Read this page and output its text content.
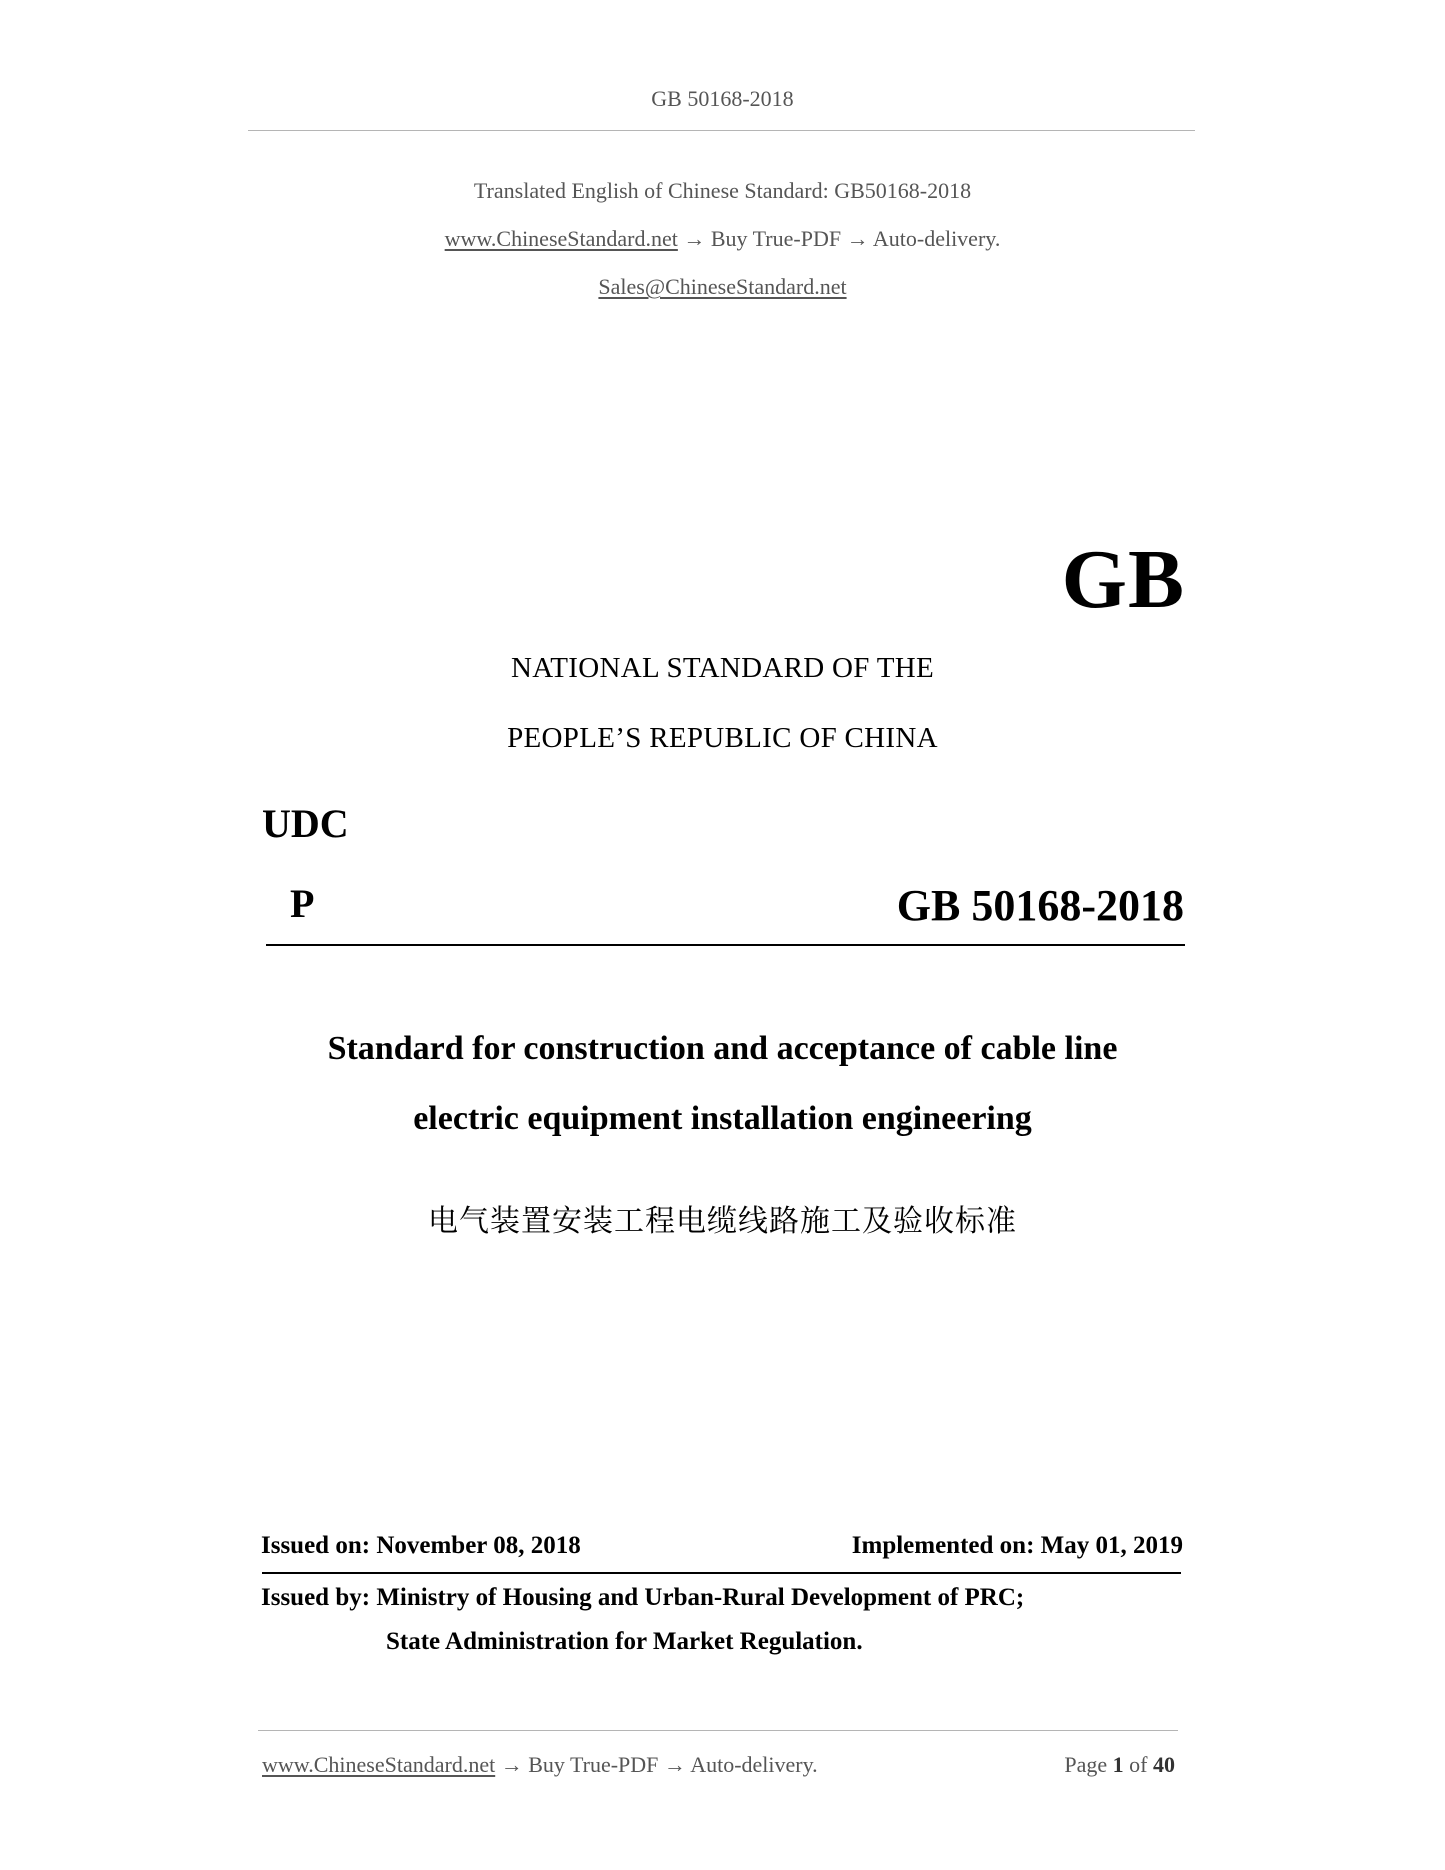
GB 50168-2018
Translated English of Chinese Standard: GB50168-2018
www.ChineseStandard.net → Buy True-PDF → Auto-delivery.
Sales@ChineseStandard.net
GB
NATIONAL STANDARD OF THE
PEOPLE’S REPUBLIC OF CHINA
UDC
P	GB 50168-2018
Standard for construction and acceptance of cable line
electric equipment installation engineering
电气装置安装工程电缆线路施工及验收标准
Issued on: November 08, 2018	Implemented on: May 01, 2019
Issued by: Ministry of Housing and Urban-Rural Development of PRC;
State Administration for Market Regulation.
www.ChineseStandard.net → Buy True-PDF → Auto-delivery.	Page 1 of 40
